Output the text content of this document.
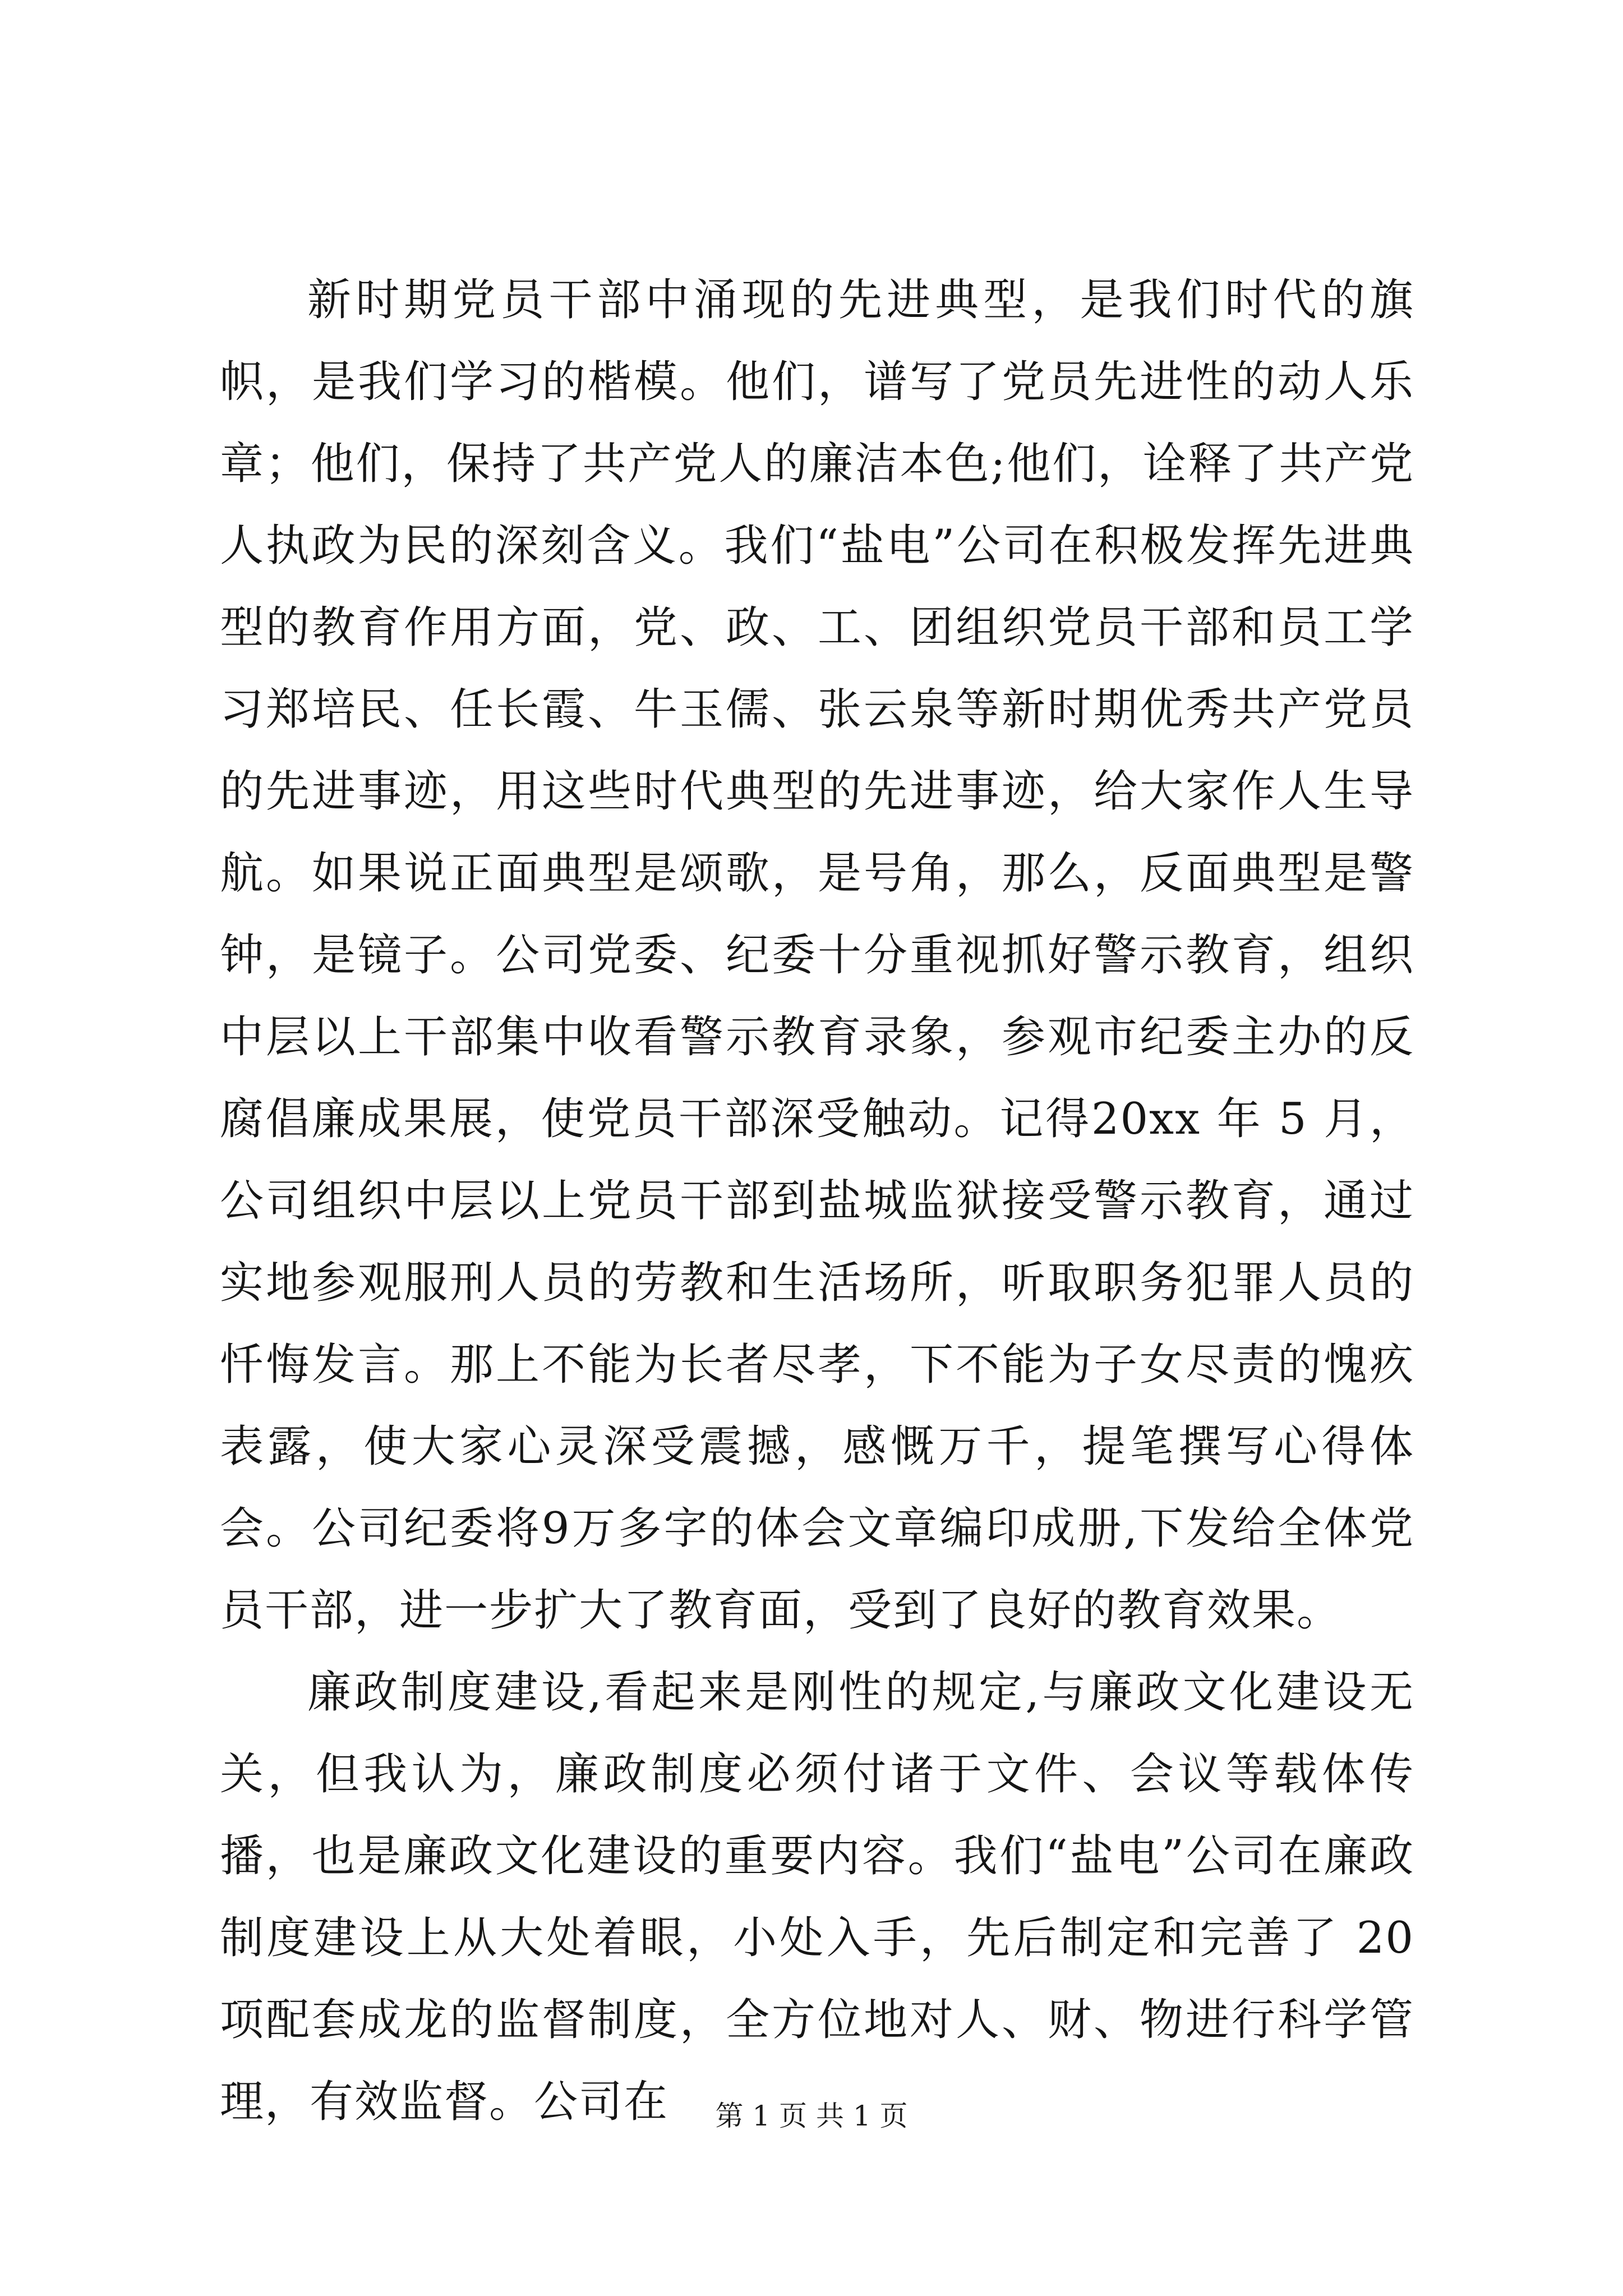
新时期党员干部中涌现的先进典型，是我们时代的旗帜，是我们学习的楷模。他们，谱写了党员先进性的动人乐章；他们，保持了共产党人的廉洁本色;他们，诠释了共产党人执政为民的深刻含义。我们“盐电”公司在积极发挥先进典型的教育作用方面，党、政、工、团组织党员干部和员工学习郑培民、任长霞、牛玉儒、张云泉等新时期优秀共产党员的先进事迹，用这些时代典型的先进事迹，给大家作人生导航。如果说正面典型是颂歌，是号角，那么，反面典型是警钟，是镜子。公司党委、纪委十分重视抓好警示教育，组织中层以上干部集中收看警示教育录象，参观市纪委主办的反腐倡廉成果展，使党员干部深受触动。记得20xx 年 5 月，公司组织中层以上党员干部到盐城监狱接受警示教育，通过实地参观服刑人员的劳教和生活场所，听取职务犯罪人员的忏悔发言。那上不能为长者尽孝，下不能为子女尽责的愧疚表露，使大家心灵深受震撼，感慨万千，提笔撰写心得体会。公司纪委将9万多字的体会文章编印成册,下发给全体党员干部，进一步扩大了教育面，受到了良好的教育效果。

廉政制度建设,看起来是刚性的规定,与廉政文化建设无关，但我认为，廉政制度必须付诸于文件、会议等载体传播，也是廉政文化建设的重要内容。我们“盐电”公司在廉政制度建设上从大处着眼，小处入手，先后制定和完善了 20 项配套成龙的监督制度，全方位地对人、财、物进行科学管理，有效监督。公司在	第 1 页 共 1 页
